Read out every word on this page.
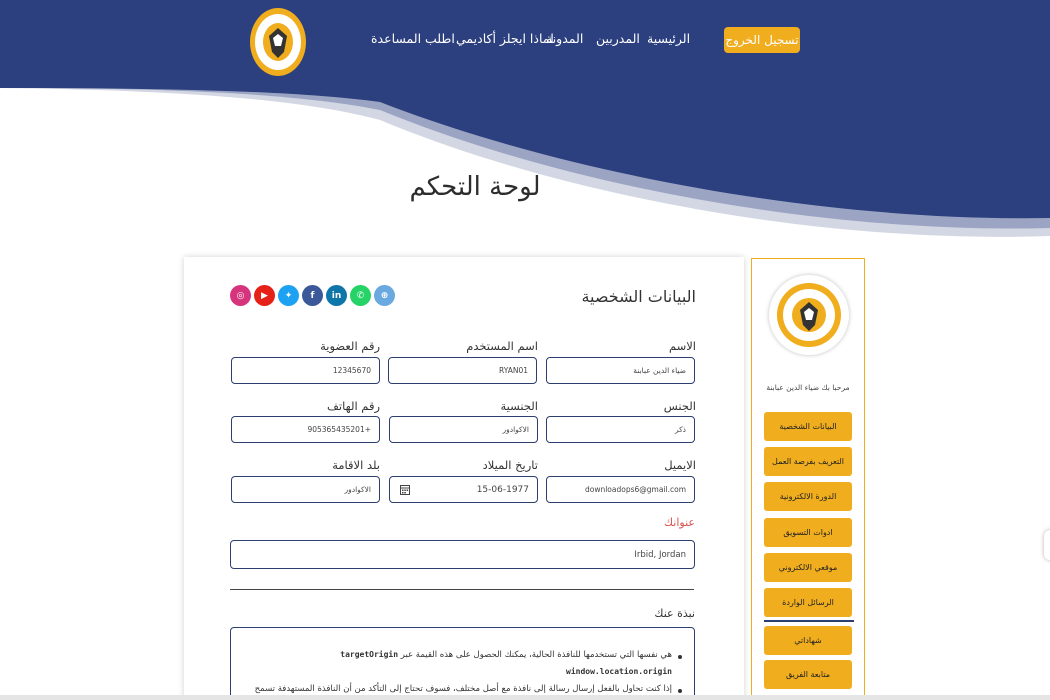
الرئيسية
المدربين
المدونة
لماذا ايجلز أكاديمي
اطلب المساعدة	تسجيل الخروج
لوحة التحكم
البيانات الشخصية
◎	▶	✦	f	in	✆	⊕
الاسم
ضياء الدين عبابنة
اسم المستخدم
RYAN01
رقم العضوية
12345670
الجنس
ذكر
الجنسية
الاكوادور
رقم الهاتف
905365435201+
الايميل
downloadops6@gmail.com
تاريخ الميلاد
15-06-1977
بلد الاقامة
الاكوادور
عنوانك
Irbid, Jordan
نبذة عنك
targetOrigin هي نفسها التي تستخدمها للنافذة الحالية، يمكنك الحصول على هذه القيمة عبر
window.location.origin
إذا كنت تحاول بالفعل إرسال رسالة إلى نافذة مع أصل مختلف، فسوف تحتاج إلى التأكد من أن النافذة المستهدفة تسمح
مرحبا بك ضياء الدين عبابنة
البيانات الشخصية
التعريف بفرصة العمل
الدورة الالكترونية
ادوات التسويق
موقعي الالكتروني
الرسائل الواردة
شهاداتي
متابعة الفريق
